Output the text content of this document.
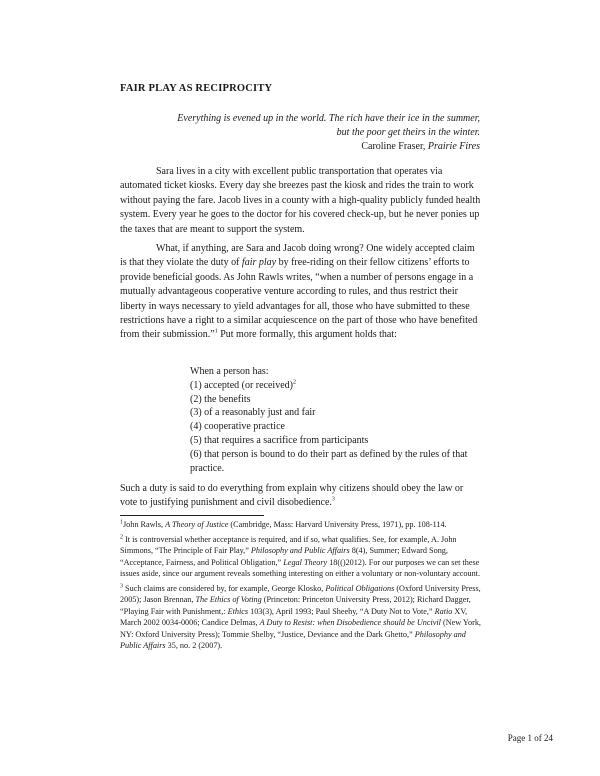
FAIR PLAY AS RECIPROCITY
Everything is evened up in the world. The rich have their ice in the summer,
but the poor get theirs in the winter.
Caroline Fraser, Prairie Fires
Sara lives in a city with excellent public transportation that operates via automated ticket kiosks. Every day she breezes past the kiosk and rides the train to work without paying the fare. Jacob lives in a county with a high-quality publicly funded health system. Every year he goes to the doctor for his covered check-up, but he never ponies up the taxes that are meant to support the system.
What, if anything, are Sara and Jacob doing wrong? One widely accepted claim is that they violate the duty of fair play by free-riding on their fellow citizens’ efforts to provide beneficial goods. As John Rawls writes, “when a number of persons engage in a mutually advantageous cooperative venture according to rules, and thus restrict their liberty in ways necessary to yield advantages for all, those who have submitted to these restrictions have a right to a similar acquiescence on the part of those who have benefited from their submission.”$^1$ Put more formally, this argument holds that:
When a person has:
(1) accepted (or received)$^2$
(2) the benefits
(3) of a reasonably just and fair
(4) cooperative practice
(5) that requires a sacrifice from participants
(6) that person is bound to do their part as defined by the rules of that practice.
Such a duty is said to do everything from explain why citizens should obey the law or vote to justifying punishment and civil disobedience.$^3$
$^1$John Rawls, A Theory of Justice (Cambridge, Mass: Harvard University Press, 1971), pp. 108-114.
$^2$ It is controversial whether acceptance is required, and if so, what qualifies. See, for example, A. John Simmons, “The Principle of Fair Play,” Philosophy and Public Affairs 8(4), Summer; Edward Song, “Acceptance, Fairness, and Political Obligation,” Legal Theory 18(()2012). For our purposes we can set these issues aside, since our argument reveals something interesting on either a voluntary or non-voluntary account.
$^3$ Such claims are considered by, for example, George Klosko, Political Obligations (Oxford University Press, 2005); Jason Brennan, The Ethics of Voting (Princeton: Princeton University Press, 2012); Richard Dagger, “Playing Fair with Punishment,: Ethics 103(3), April 1993; Paul Sheehy, “A Duty Not to Vote,” Ratio XV, March 2002 0034-0006; Candice Delmas, A Duty to Resist: when Disobedience should be Uncivil (New York, NY: Oxford University Press); Tommie Shelby, “Justice, Deviance and the Dark Ghetto,” Philosophy and Public Affairs 35, no. 2 (2007).
Page 1 of 24
